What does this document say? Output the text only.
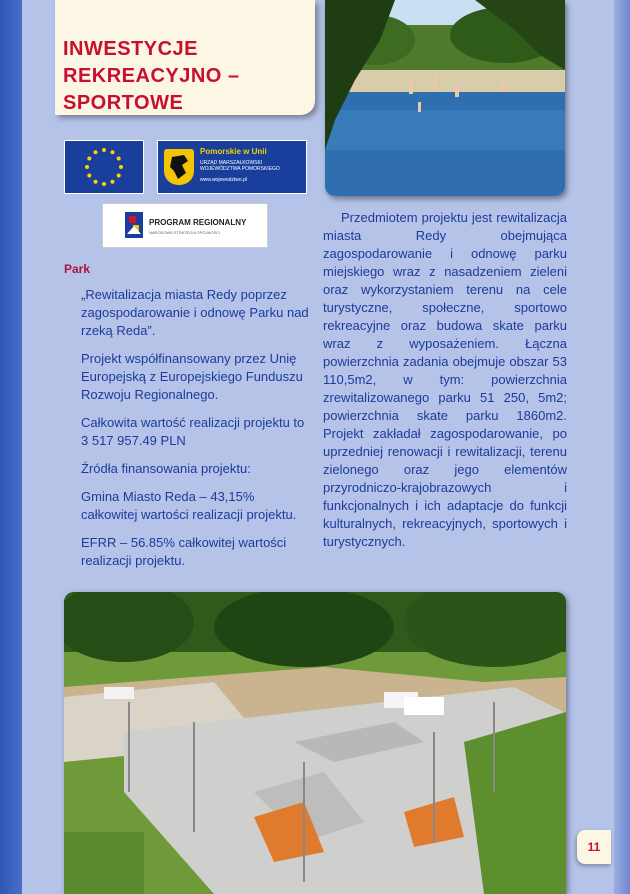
INWESTYCJE
REKREACYJNO –
SPORTOWE
Pomorskie w Unii
URZĄD MARSZAŁKOWSKI WOJEWÓDZTWA POMORSKIEGO
www.wojewodztwo.pl
PROGRAM REGIONALNY
NARODOWA STRATEGIA SPÓJNOŚCI
Park

„Rewitalizacja miasta Redy poprzez zagospodarowanie i odnowę Parku nad rzeką Reda”.

Projekt współfinansowany przez Unię Europejską z Europejskiego Funduszu Rozwoju Regionalnego.

Całkowita wartość realizacji projektu to 3 517 957.49 PLN

Źródła finansowania projektu:

Gmina Miasto Reda – 43,15% całkowitej wartości realizacji projektu.

EFRR – 56.85% całkowitej wartości realizacji projektu.

Przedmiotem projektu jest rewitalizacja miasta Redy obejmująca zagospodarowanie i odnowę parku miejskiego wraz z nasadzeniem zieleni oraz wykorzystaniem terenu na cele turystyczne, społeczne, sportowo rekreacyjne oraz budowa skate parku wraz z wyposażeniem. Łączna powierzchnia zadania obejmuje obszar 53 110,5m2, w tym: powierzchnia zrewitalizowanego parku 51 250, 5m2; powierzchnia skate parku 1860m2. Projekt zakładał zagospodarowanie, po uprzedniej renowacji i rewitalizacji, terenu zielonego oraz jego elementów przyrodniczo-krajobrazowych i funkcjonalnych i ich adaptacje do funkcji kulturalnych, rekreacyjnych, sportowych i turystycznych.

11
